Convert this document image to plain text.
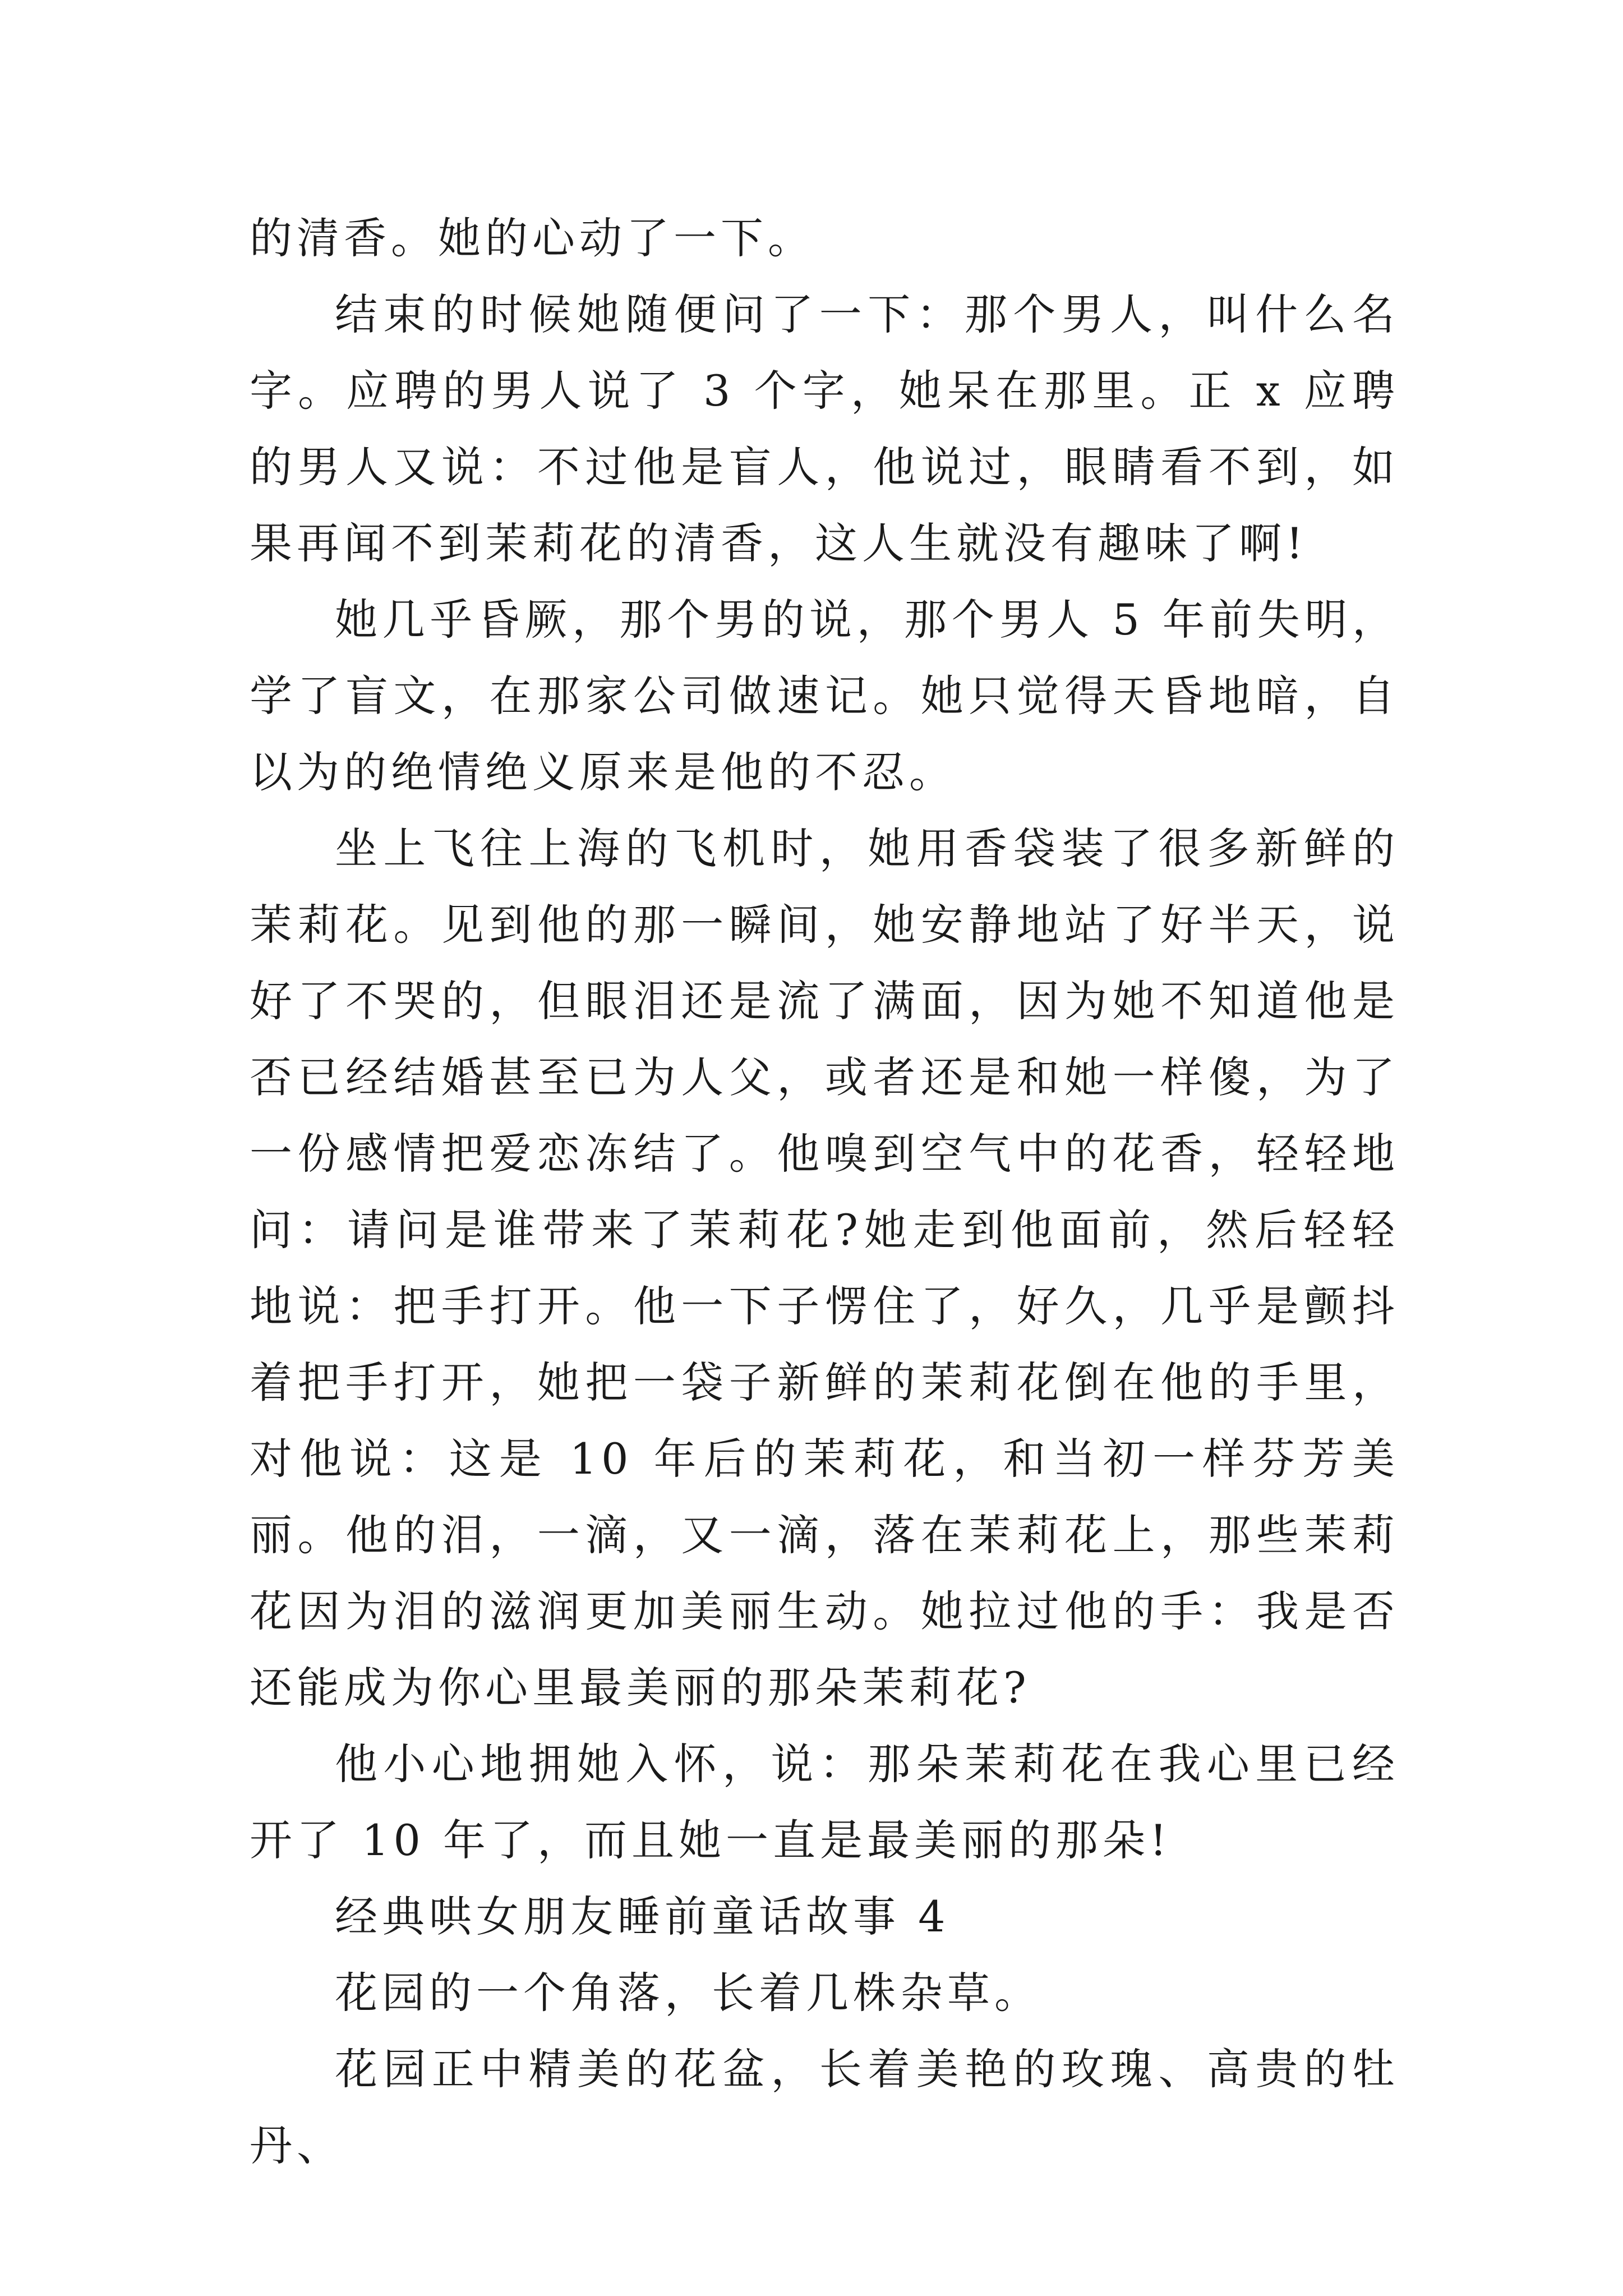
的清香。她的心动了一下。

结束的时候她随便问了一下：那个男人，叫什么名字。应聘的男人说了 3 个字，她呆在那里。正 x 应聘的男人又说：不过他是盲人，他说过，眼睛看不到，如果再闻不到茉莉花的清香，这人生就没有趣味了啊!

她几乎昏厥，那个男的说，那个男人 5 年前失明，学了盲文，在那家公司做速记。她只觉得天昏地暗，自以为的绝情绝义原来是他的不忍。

坐上飞往上海的飞机时，她用香袋装了很多新鲜的茉莉花。见到他的那一瞬间，她安静地站了好半天，说好了不哭的，但眼泪还是流了满面，因为她不知道他是否已经结婚甚至已为人父，或者还是和她一样傻，为了一份感情把爱恋冻结了。他嗅到空气中的花香，轻轻地问：请问是谁带来了茉莉花?她走到他面前，然后轻轻地说：把手打开。他一下子愣住了，好久，几乎是颤抖着把手打开，她把一袋子新鲜的茉莉花倒在他的手里，对他说：这是 10 年后的茉莉花，和当初一样芬芳美丽。他的泪，一滴，又一滴，落在茉莉花上，那些茉莉花因为泪的滋润更加美丽生动。她拉过他的手：我是否还能成为你心里最美丽的那朵茉莉花?

他小心地拥她入怀，说：那朵茉莉花在我心里已经开了 10 年了，而且她一直是最美丽的那朵!

经典哄女朋友睡前童话故事 4

花园的一个角落，长着几株杂草。

花园正中精美的花盆，长着美艳的玫瑰、高贵的牡丹、
